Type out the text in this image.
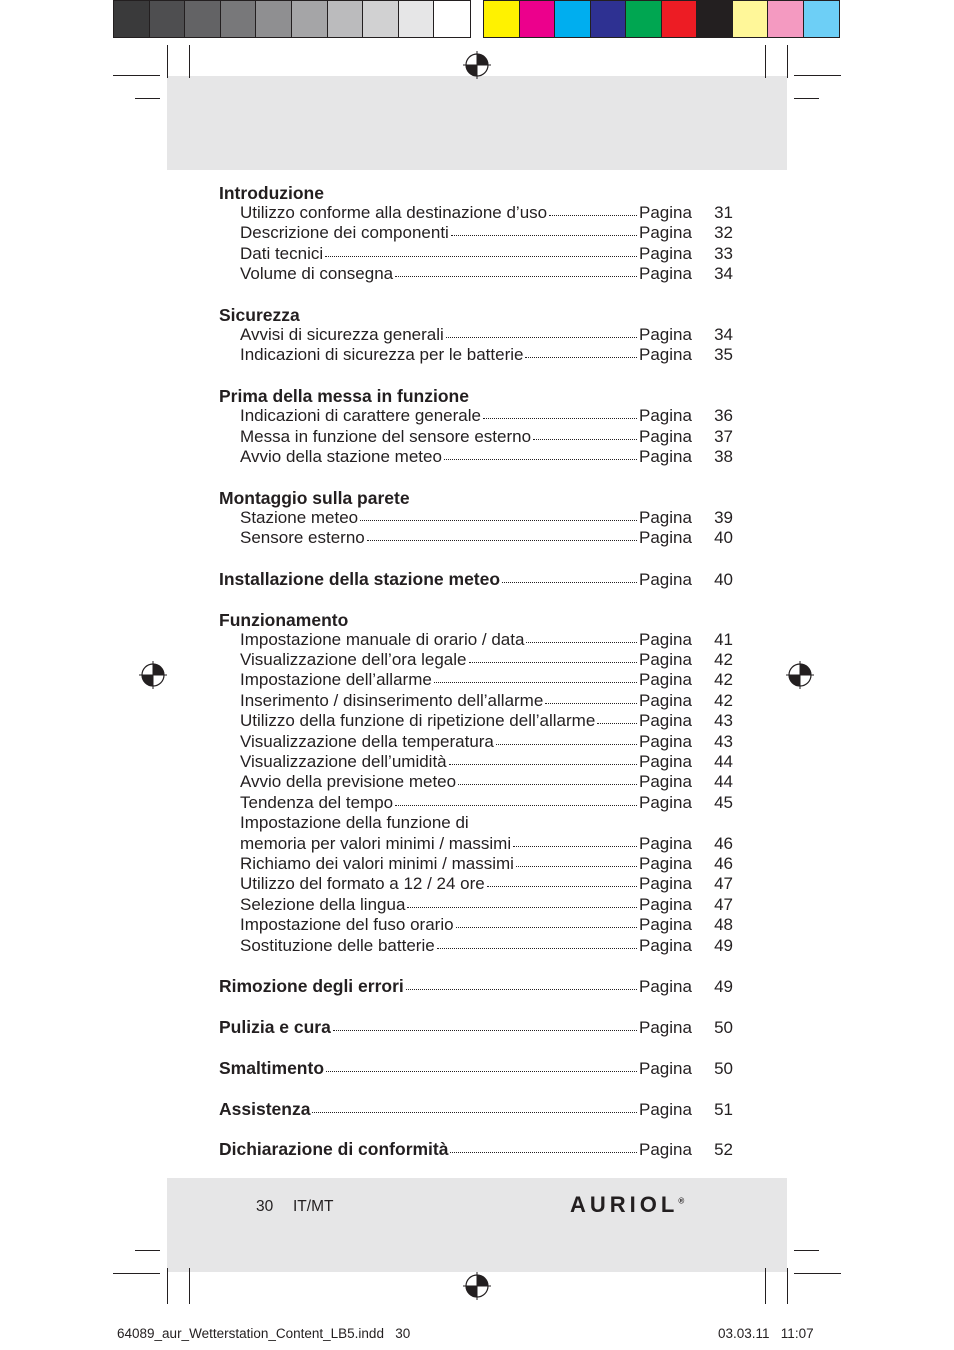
Introduzione
Utilizzo conforme alla destinazione d’uso	Pagina	31
Descrizione dei componenti	Pagina	32
Dati tecnici	Pagina	33
Volume di consegna	Pagina	34
Sicurezza
Avvisi di sicurezza generali	Pagina	34
Indicazioni di sicurezza per le batterie	Pagina	35
Prima della messa in funzione
Indicazioni di carattere generale	Pagina	36
Messa in funzione del sensore esterno	Pagina	37
Avvio della stazione meteo	Pagina	38
Montaggio sulla parete
Stazione meteo	Pagina	39
Sensore esterno	Pagina	40
Installazione della stazione meteo	Pagina	40
Funzionamento
Impostazione manuale di orario / data	Pagina	41
Visualizzazione dell’ora legale	Pagina	42
Impostazione dell’allarme	Pagina	42
Inserimento / disinserimento dell’allarme	Pagina	42
Utilizzo della funzione di ripetizione dell’allarme	Pagina	43
Visualizzazione della temperatura	Pagina	43
Visualizzazione dell’umidità	Pagina	44
Avvio della previsione meteo	Pagina	44
Tendenza del tempo	Pagina	45
Impostazione della funzione di
memoria per valori minimi / massimi	Pagina	46
Richiamo dei valori minimi / massimi	Pagina	46
Utilizzo del formato a 12 / 24 ore	Pagina	47
Selezione della lingua	Pagina	47
Impostazione del fuso orario	Pagina	48
Sostituzione delle batterie	Pagina	49
Rimozione degli errori	Pagina	49
Pulizia e cura	Pagina	50
Smaltimento	Pagina	50
Assistenza	Pagina	51
Dichiarazione di conformità	Pagina	52
30 IT/MT	AURIOL®
64089_aur_Wetterstation_Content_LB5.indd   30	03.03.11   11:07
